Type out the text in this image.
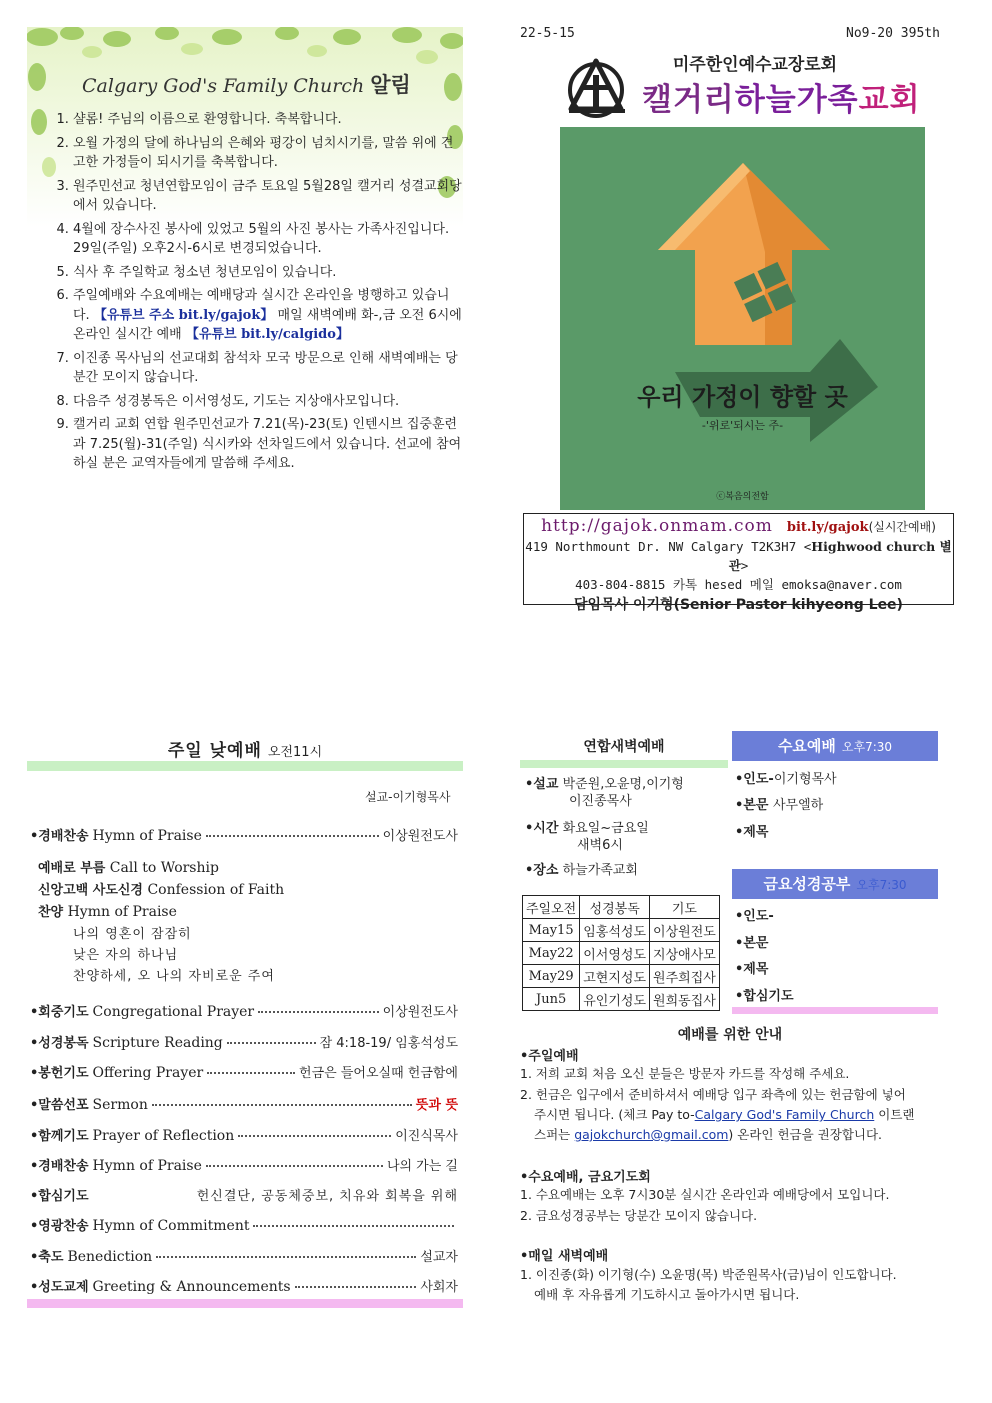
Calgary God's Family Church 알림
1. 샬롬! 주님의 이름으로 환영합니다. 축복합니다.
2. 오월 가정의 달에 하나님의 은혜와 평강이 넘치시기를, 말씀 위에 견고한 가정들이 되시기를 축복합니다.
3. 원주민선교 청년연합모임이 금주 토요일 5월28일 캘거리 성결교회당에서 있습니다.
4. 4월에 장수사진 봉사에 있었고 5월의 사진 봉사는 가족사진입니다. 29일(주일) 오후2시-6시로 변경되었습니다.
5. 식사 후 주일학교 청소년 청년모임이 있습니다.
6. 주일예배와 수요예배는 예배당과 실시간 온라인을 병행하고 있습니다. 【유튜브 주소 bit.ly/gajok】 매일 새벽예배 화-,금 오전 6시에 온라인 실시간 예배 【유튜브 bit.ly/calgido】
7. 이진종 목사님의 선교대회 참석차 모국 방문으로 인해 새벽예배는 당분간 모이지 않습니다.
8. 다음주 성경봉독은 이서영성도, 기도는 지상애사모입니다.
9. 캘거리 교회 연합 원주민선교가 7.21(목)-23(토) 인텐시브 집중훈련과 7.25(월)-31(주일) 식시카와 선차일드에서 있습니다. 선교에 참여하실 분은 교역자들에게 말씀해 주세요.
22-5-15	No9-20 395th
미주한인예수교장로회
캘거리하늘가족교회
우리 가정이 향할 곳
-'위로'되시는 주-
ⓒ복음의전함
http://gajok.onmam.com bit.ly/gajok(실시간예배)
419 Northmount Dr. NW Calgary T2K3H7 <Highwood church 별관>
403-804-8815 카톡 hesed 메일 emoksa@naver.com
담임목사 이기형(Senior Pastor kihyeong Lee)
주일 낮예배 오전11시
설교-이기형목사
•경배찬송 Hymn of Praise	이상원전도사
예배로 부름 Call to Worship
신앙고백 사도신경 Confession of Faith
찬양 Hymn of Praise
나의 영혼이 잠잠히
낮은 자의 하나님
찬양하세, 오 나의 자비로운 주여
•회중기도 Congregational Prayer	이상원전도사
•성경봉독 Scripture Reading	잠 4:18-19/ 임홍석성도
•봉헌기도 Offering Prayer	헌금은 들어오실때 헌금함에
•말씀선포 Sermon	뜻과 뜻
•함께기도 Prayer of Reflection	이진식목사
•경배찬송 Hymn of Praise	나의 가는 길
•합심기도	헌신결단, 공동체중보, 치유와 회복을 위해
•영광찬송 Hymn of Commitment
•축도 Benediction	설교자
•성도교제 Greeting & Announcements	사회자
연합새벽예배
•설교 박준원,오윤명,이기형
이진종목사
•시간 화요일~금요일
새벽6시
•장소 하늘가족교회
주일오전	성경봉독	기도
May15	임홍석성도	이상원전도
May22	이서영성도	지상애사모
May29	고현지성도	원주희집사
Jun5	유인기성도	원희동집사
수요예배 오후7:30
•인도-이기형목사
•본문 사무엘하
•제목
금요성경공부 오후7:30
•인도-
•본문
•제목
•합심기도
예배를 위한 안내
•주일예배
1. 저희 교회 처음 오신 분들은 방문자 카드를 작성해 주세요.
2. 헌금은 입구에서 준비하셔서 예배당 입구 좌측에 있는 헌금함에 넣어
주시면 됩니다. (체크 Pay to-Calgary God's Family Church 이트랜
스퍼는 gajokchurch@gmail.com) 온라인 헌금을 권장합니다.
•수요예배, 금요기도회
1. 수요예배는 오후 7시30분 실시간 온라인과 예배당에서 모입니다.
2. 금요성경공부는 당분간 모이지 않습니다.
•매일 새벽예배
1. 이진종(화) 이기형(수) 오윤명(목) 박준원목사(금)님이 인도합니다.
예배 후 자유롭게 기도하시고 돌아가시면 됩니다.
